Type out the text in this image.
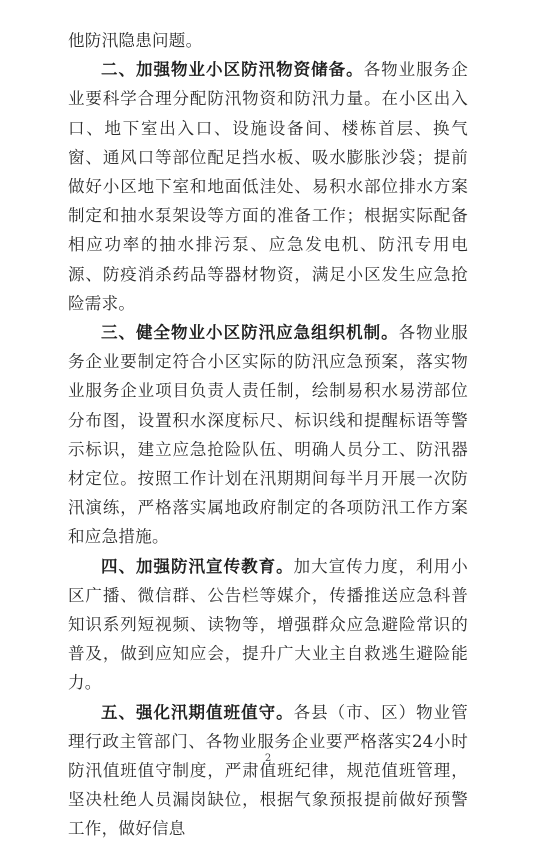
他防汛隐患问题。

二、加强物业小区防汛物资储备。各物业服务企业要科学合理分配防汛物资和防汛力量。在小区出入口、地下室出入口、设施设备间、楼栋首层、换气窗、通风口等部位配足挡水板、吸水膨胀沙袋；提前做好小区地下室和地面低洼处、易积水部位排水方案制定和抽水泵架设等方面的准备工作；根据实际配备相应功率的抽水排污泵、应急发电机、防汛专用电源、防疫消杀药品等器材物资，满足小区发生应急抢险需求。

三、健全物业小区防汛应急组织机制。各物业服务企业要制定符合小区实际的防汛应急预案，落实物业服务企业项目负责人责任制，绘制易积水易涝部位分布图，设置积水深度标尺、标识线和提醒标语等警示标识，建立应急抢险队伍、明确人员分工、防汛器材定位。按照工作计划在汛期期间每半月开展一次防汛演练，严格落实属地政府制定的各项防汛工作方案和应急措施。

四、加强防汛宣传教育。加大宣传力度，利用小区广播、微信群、公告栏等媒介，传播推送应急科普知识系列短视频、读物等，增强群众应急避险常识的普及，做到应知应会，提升广大业主自救逃生避险能力。

五、强化汛期值班值守。各县（市、区）物业管理行政主管部门、各物业服务企业要严格落实24小时防汛值班值守制度，严肃值班纪律，规范值班管理，坚决杜绝人员漏岗缺位，根据气象预报提前做好预警工作，做好信息

2
